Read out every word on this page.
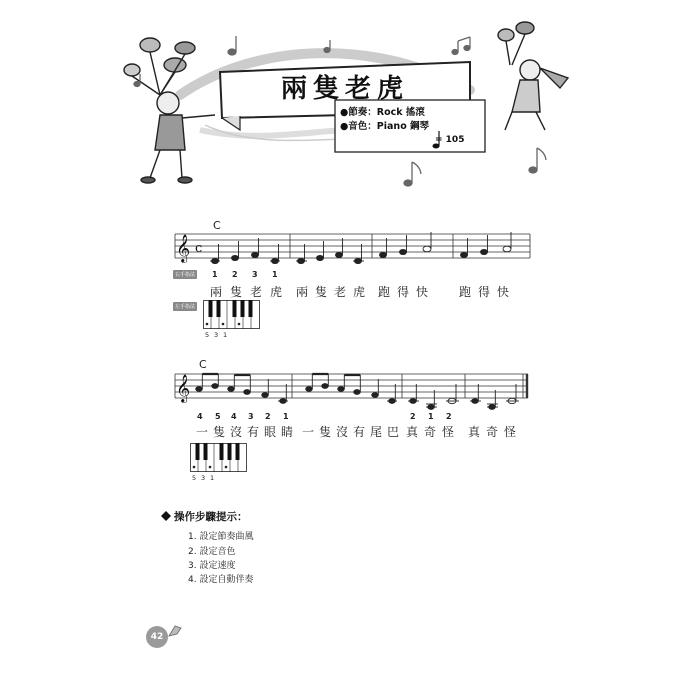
兩隻老虎
●節奏：Rock 搖滾
●音色：Piano 鋼琴
= 105
C
𝄞 c
右手指法 1 2 3 1
兩 隻 老 虎 兩 隻 老 虎 跑 得 快	跑 得 快
左手指法
5 3 1
C
𝄞
4 5 4 3 2 1	2 1 2
一 隻 沒 有 眼 睛 一 隻 沒 有 尾 巴 真 奇 怪 真 奇 怪
5 3 1
操作步驟提示：
1. 設定節奏曲風
2. 設定音色
3. 設定速度
4. 設定自動伴奏
42
